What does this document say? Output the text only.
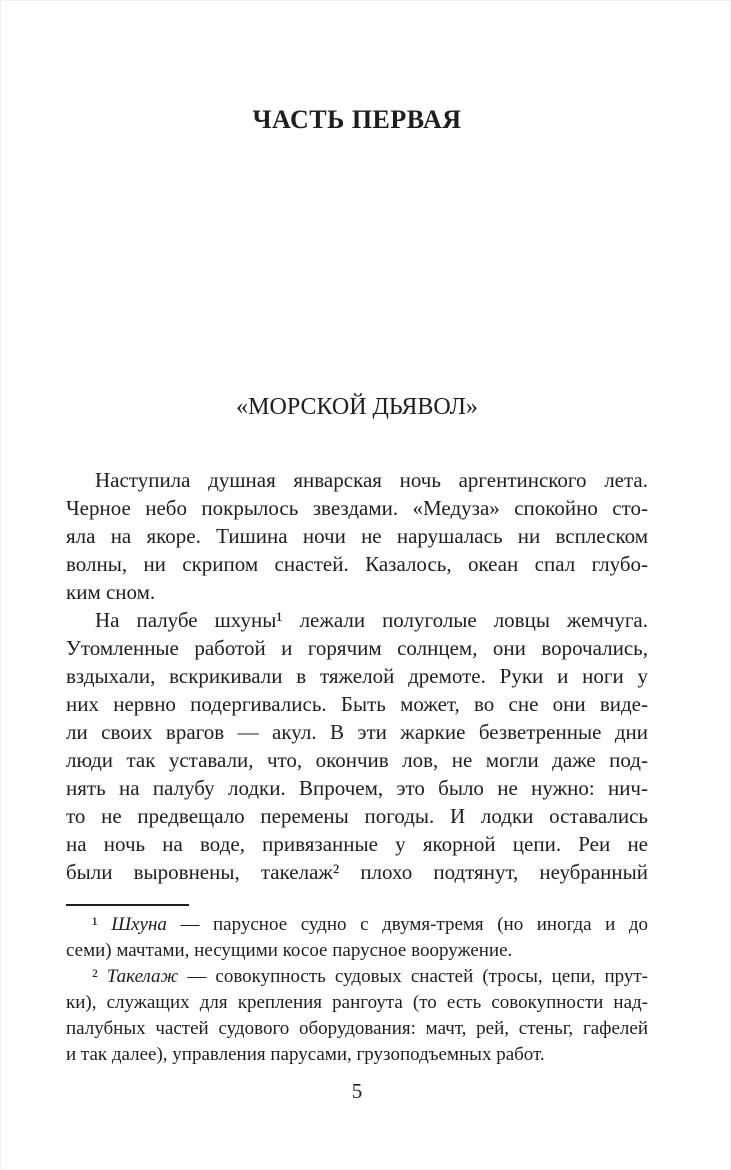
ЧАСТЬ ПЕРВАЯ
«МОРСКОЙ ДЬЯВОЛ»
Наступила душная январская ночь аргентинского лета.
Черное небо покрылось звездами. «Медуза» спокойно сто-
яла на якоре. Тишина ночи не нарушалась ни всплеском
волны, ни скрипом снастей. Казалось, океан спал глубо-
ким сном.
На палубе шхуны¹ лежали полуголые ловцы жемчуга.
Утомленные работой и горячим солнцем, они ворочались,
вздыхали, вскрикивали в тяжелой дремоте. Руки и ноги у
них нервно подергивались. Быть может, во сне они виде-
ли своих врагов — акул. В эти жаркие безветренные дни
люди так уставали, что, окончив лов, не могли даже под-
нять на палубу лодки. Впрочем, это было не нужно: нич-
то не предвещало перемены погоды. И лодки оставались
на ночь на воде, привязанные у якорной цепи. Реи не
были выровнены, такелаж² плохо подтянут, неубранный
¹ Шхуна — парусное судно с двумя-тремя (но иногда и до
семи) мачтами, несущими косое парусное вооружение.
² Такелаж — совокупность судовых снастей (тросы, цепи, прут-
ки), служащих для крепления рангоута (то есть совокупности над-
палубных частей судового оборудования: мачт, рей, стеньг, гафелей
и так далее), управления парусами, грузоподъемных работ.
5
